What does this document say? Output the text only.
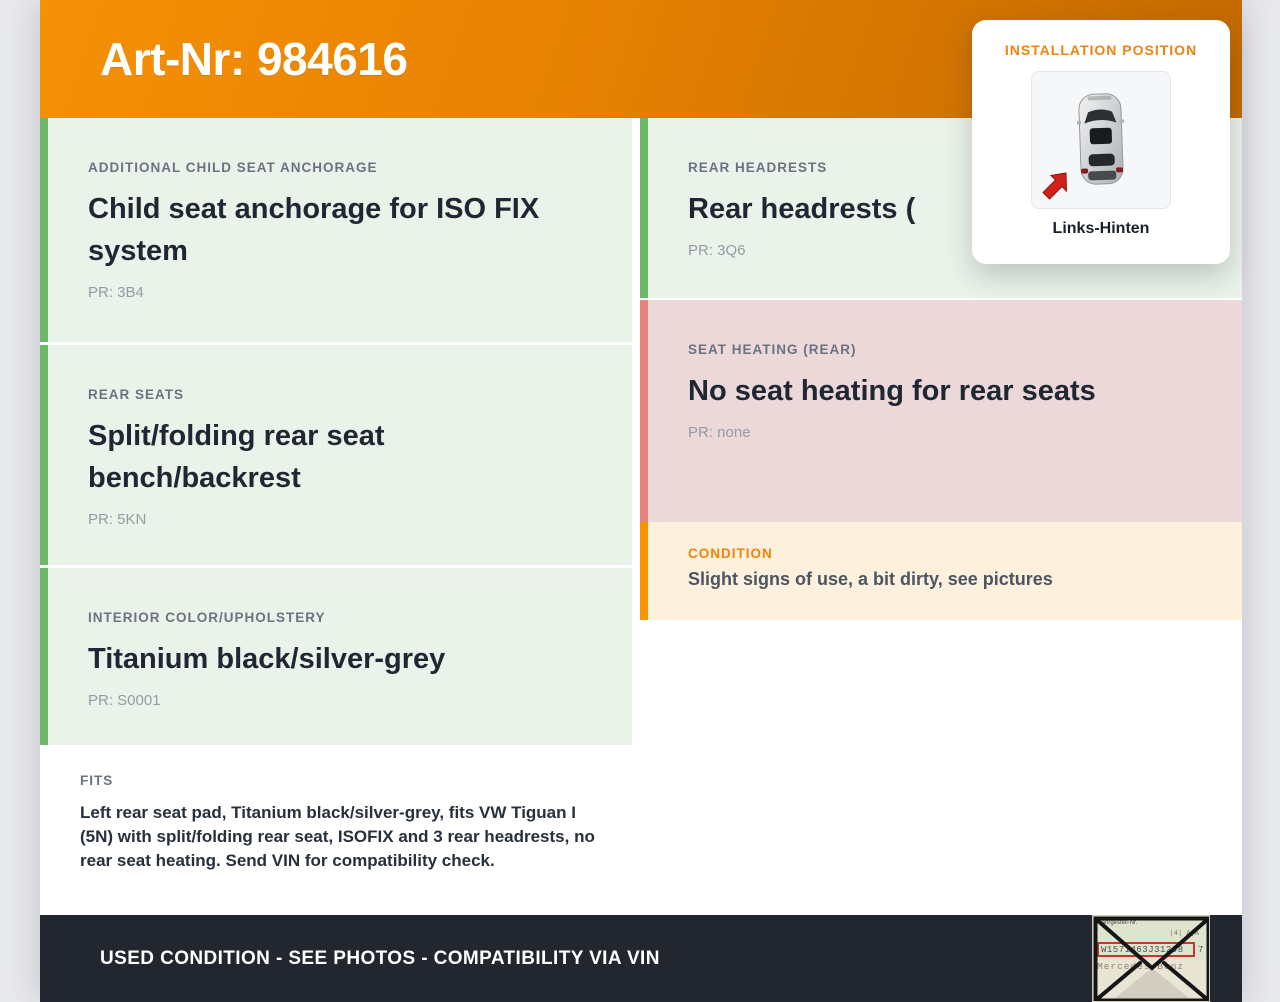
Art-Nr: 984616
ADDITIONAL CHILD SEAT ANCHORAGE
Child seat anchorage for ISO FIX system
PR: 3B4
REAR SEATS
Split/folding rear seat bench/backrest
PR: 5KN
INTERIOR COLOR/UPHOLSTERY
Titanium black/silver-grey
PR: S0001
FITS

Left rear seat pad, Titanium black/silver-grey, fits VW Tiguan I (5N) with split/folding rear seat, ISOFIX and 3 rear headrests, no rear seat heating. Send VIN for compatibility check.

REAR HEADRESTS
Rear headrests (
PR: 3Q6
SEAT HEATING (REAR)
No seat heating for rear seats
PR: none
CONDITION

Slight signs of use, a bit dirty, see pictures

INSTALLATION POSITION
Links-Hinten
Fahrgestell-Nr.
|4| A|A
W1571463J31298 7
Mercedes-Benz
USED CONDITION - SEE PHOTOS - COMPATIBILITY VIA VIN
